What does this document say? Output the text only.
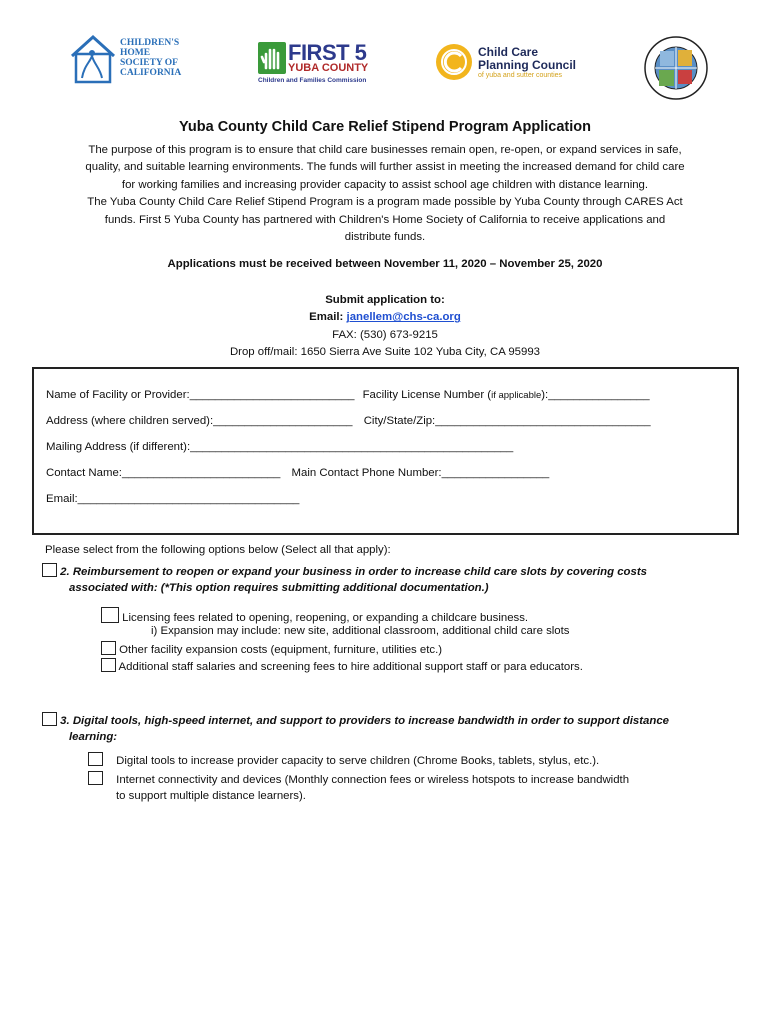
CHILDREN'S
HOME
SOCIETY OF
CALIFORNIA
FIRST 5
YUBA COUNTY
Children and Families Commission
Child Care
Planning Council
of yuba and sutter counties
Yuba County Child Care Relief Stipend Program Application
The purpose of this program is to ensure that child care businesses remain open, re-open, or expand services in safe,
quality, and suitable learning environments. The funds will further assist in meeting the increased demand for child care
for working families and increasing provider capacity to assist school age children with distance learning.
The Yuba County Child Care Relief Stipend Program is a program made possible by Yuba County through CARES Act
funds. First 5 Yuba County has partnered with Children's Home Society of California to receive applications and
distribute funds.
Applications must be received between November 11, 2020 – November 25, 2020
Submit application to:
Email: janellem@chs-ca.org
FAX: (530) 673-9215
Drop off/mail: 1650 Sierra Ave Suite 102 Yuba City, CA 95993
Name of Facility or Provider:__________________________ Facility License Number (if applicable):________________
Address (where children served):______________________ City/State/Zip:__________________________________
Mailing Address (if different):___________________________________________________
Contact Name:_________________________ Main Contact Phone Number:_________________
Email:___________________________________
Please select from the following options below (Select all that apply):
2. Reimbursement to reopen or expand your business in order to increase child care slots by covering costs
associated with: (*This option requires submitting additional documentation.)
Licensing fees related to opening, reopening, or expanding a childcare business.
i) Expansion may include: new site, additional classroom, additional child care slots
Other facility expansion costs (equipment, furniture, utilities etc.)
Additional staff salaries and screening fees to hire additional support staff or para educators.
3. Digital tools, high-speed internet, and support to providers to increase bandwidth in order to support distance
learning:
Digital tools to increase provider capacity to serve children (Chrome Books, tablets, stylus, etc.).
Internet connectivity and devices (Monthly connection fees or wireless hotspots to increase bandwidth
to support multiple distance learners).
